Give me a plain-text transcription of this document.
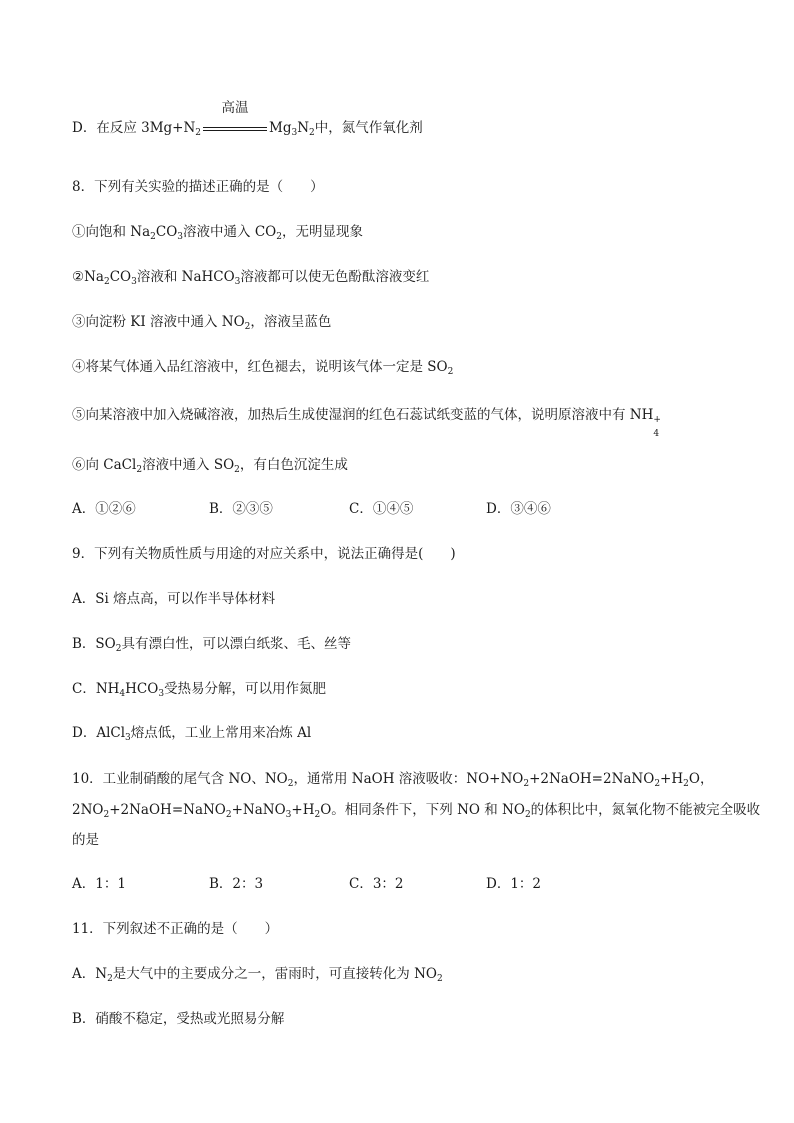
D．在反应 $3Mg+N_2$
高温
$Mg_3N_2$中，氮气作氧化剂
8．下列有关实验的描述正确的是（　　）
①向饱和 $Na_2CO_3$溶液中通入 $CO_2$，无明显现象
$②Na_2CO_3$溶液和 NaHCO$_3$溶液都可以使无色酚酞溶液变红
③向淀粉 KI 溶液中通入 $NO_2$，溶液呈蓝色
④将某气体通入品红溶液中，红色褪去，说明该气体一定是 $SO_2$
⑤向某溶液中加入烧碱溶液，加热后生成使湿润的红色石蕊试纸变蓝的气体，说明原溶液中有 NH +
4
⑥向 CaCl$_2$溶液中通入 $SO_2$，有白色沉淀生成
A．①②⑥	B．②③⑤	C．①④⑤	D．③④⑥
9．下列有关物质性质与用途的对应关系中，说法正确得是(　　)
A．Si 熔点高，可以作半导体材料
B．$SO_2$具有漂白性，可以漂白纸浆、毛、丝等
C．$NH_4HCO_3$受热易分解，可以用作氮肥
D．AlCl$_3$熔点低，工业上常用来冶炼 Al
10．工业制硝酸的尾气含 NO、$NO_2$，通常用 NaOH 溶液吸收：$NO+NO_2+2NaOH=2NaNO_2+H_2O$，
$2NO_2+2NaOH=NaNO_2+NaNO_3+H_2O$。相同条件下，下列 NO 和 $NO_2$的体积比中，氮氧化物不能被完全吸收
的是
A．1：1	B．2：3	C．3：2	D．1：2
11．下列叙述不正确的是（　　）
A．$N_2$是大气中的主要成分之一，雷雨时，可直接转化为 $NO_2$
B．硝酸不稳定，受热或光照易分解
